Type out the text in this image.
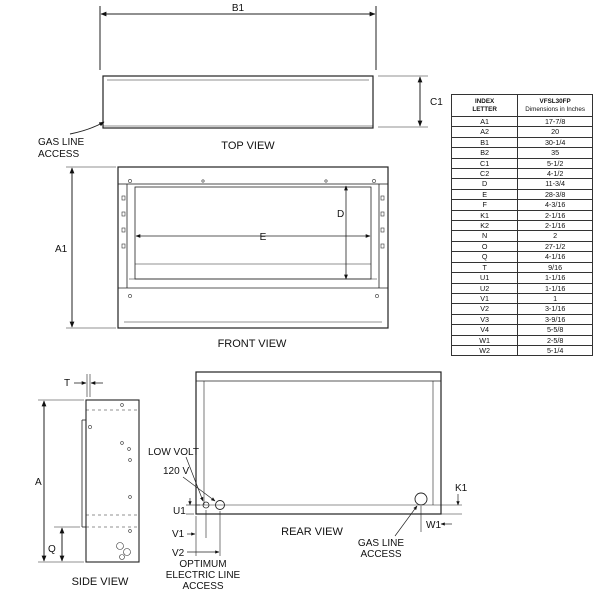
B1
C1
GAS LINE
ACCESS
TOP VIEW
E
D
A1
FRONT VIEW
T
A
Q
SIDE VIEW
REAR VIEW
LOW VOLT
120 V
U1
V1
V2
OPTIMUM
ELECTRIC LINE
ACCESS
K1
W1
GAS LINE
ACCESS
INDEX
LETTER	VFSL30FP
Dimensions in Inches

A1	17-7/8
A2	20
B1	30-1/4
B2	35
C1	5-1/2
C2	4-1/2
D	11-3/4
E	28-3/8
F	4-3/16
K1	2-1/16
K2	2-1/16
N	2
O	27-1/2
Q	4-1/16
T	9/16
U1	1-1/16
U2	1-1/16
V1	1
V2	3-1/16
V3	3-9/16
V4	5-5/8
W1	2-5/8
W2	5-1/4
